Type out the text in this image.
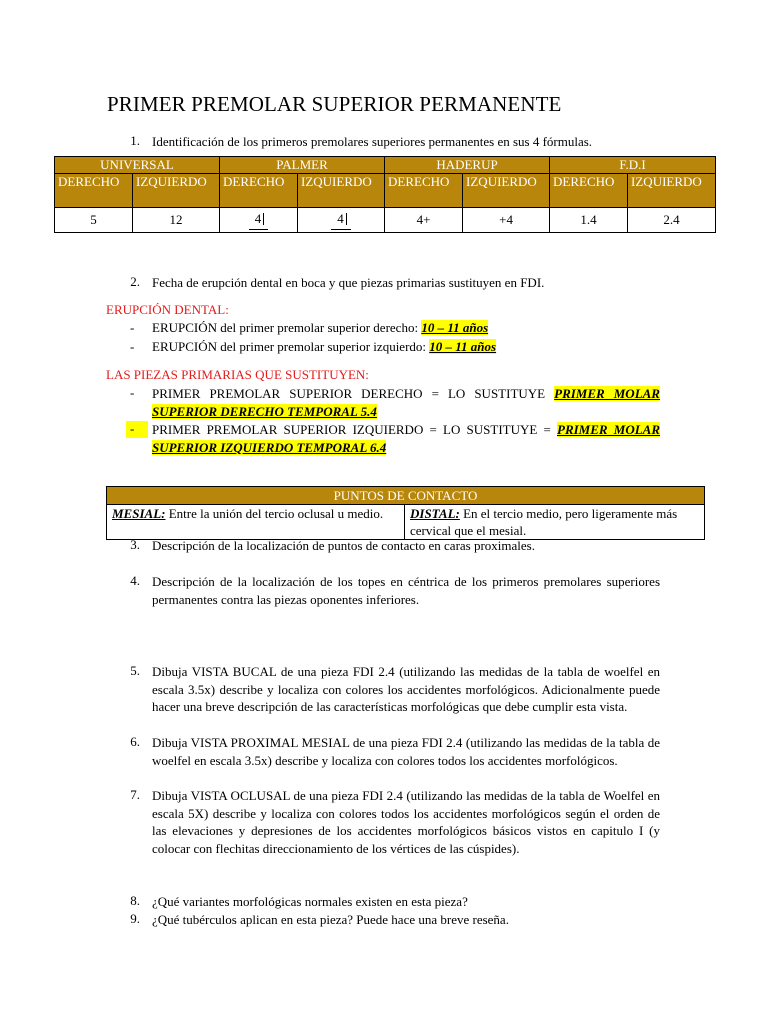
PRIMER PREMOLAR SUPERIOR PERMANENTE
1. Identificación de los primeros premolares superiores permanentes en sus 4 fórmulas.
UNIVERSAL		PALMER		HADERUP		F.D.I	
DERECHO	IZQUIERDO	DERECHO	IZQUIERDO	DERECHO	IZQUIERDO	DERECHO	IZQUIERDO
5	12	4	4	4+	+4	1.4	2.4
2. Fecha de erupción dental en boca y que piezas primarias sustituyen en FDI.
ERUPCIÓN DENTAL:
-	ERUPCIÓN del primer premolar superior derecho: 10 – 11 años
-	ERUPCIÓN del primer premolar superior izquierdo: 10 – 11 años
LAS PIEZAS PRIMARIAS QUE SUSTITUYEN:
-	PRIMER PREMOLAR SUPERIOR DERECHO = LO SUSTITUYE PRIMER MOLAR SUPERIOR DERECHO TEMPORAL 5.4
-	PRIMER PREMOLAR SUPERIOR IZQUIERDO = LO SUSTITUYE = PRIMER MOLAR SUPERIOR IZQUIERDO TEMPORAL 6.4
PUNTOS DE CONTACTO
MESIAL: Entre la unión del tercio oclusal u medio.	DISTAL: En el tercio medio, pero ligeramente más cervical que el mesial.
3. Descripción de la localización de puntos de contacto en caras proximales.
4. Descripción de la localización de los topes en céntrica de los primeros premolares superiores permanentes contra las piezas oponentes inferiores.
5. Dibuja VISTA BUCAL de una pieza FDI 2.4 (utilizando las medidas de la tabla de woelfel en escala 3.5x) describe y localiza con colores los accidentes morfológicos. Adicionalmente puede hacer una breve descripción de las características morfológicas que debe cumplir esta vista.
6. Dibuja VISTA PROXIMAL MESIAL de una pieza FDI 2.4 (utilizando las medidas de la tabla de woelfel en escala 3.5x) describe y localiza con colores todos los accidentes morfológicos.
7. Dibuja VISTA OCLUSAL de una pieza FDI 2.4 (utilizando las medidas de la tabla de Woelfel en escala 5X) describe y localiza con colores todos los accidentes morfológicos según el orden de las elevaciones y depresiones de los accidentes morfológicos básicos vistos en capitulo I (y colocar con flechitas direccionamiento de los vértices de las cúspides).
8. ¿Qué variantes morfológicas normales existen en esta pieza?
9. ¿Qué tubérculos aplican en esta pieza? Puede hace una breve reseña.
